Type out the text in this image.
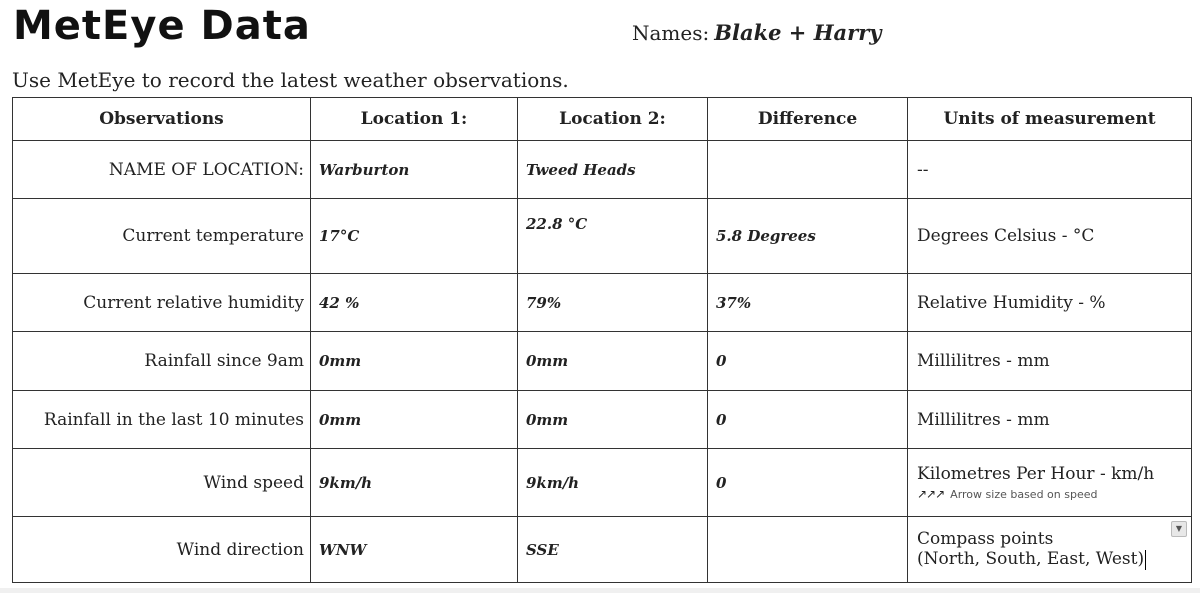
MetEye Data	Names: Blake + Harry
Use MetEye to record the latest weather observations.
Observations	Location 1:	Location 2:	Difference	Units of measurement
NAME OF LOCATION:	Warburton	Tweed Heads		--
Current temperature	17°C	22.8 °C	5.8 Degrees	Degrees Celsius - °C
Current relative humidity	42 %	79%	37%	Relative Humidity - %
Rainfall since 9am	0mm	0mm	0	Millilitres - mm
Rainfall in the last 10 minutes	0mm	0mm	0	Millilitres - mm
Wind speed	9km/h	9km/h	0	Kilometres Per Hour - km/h
↗↗↗ Arrow size based on speed

Wind direction	WNW	SSE		Compass points
(North, South, East, West)
▼
